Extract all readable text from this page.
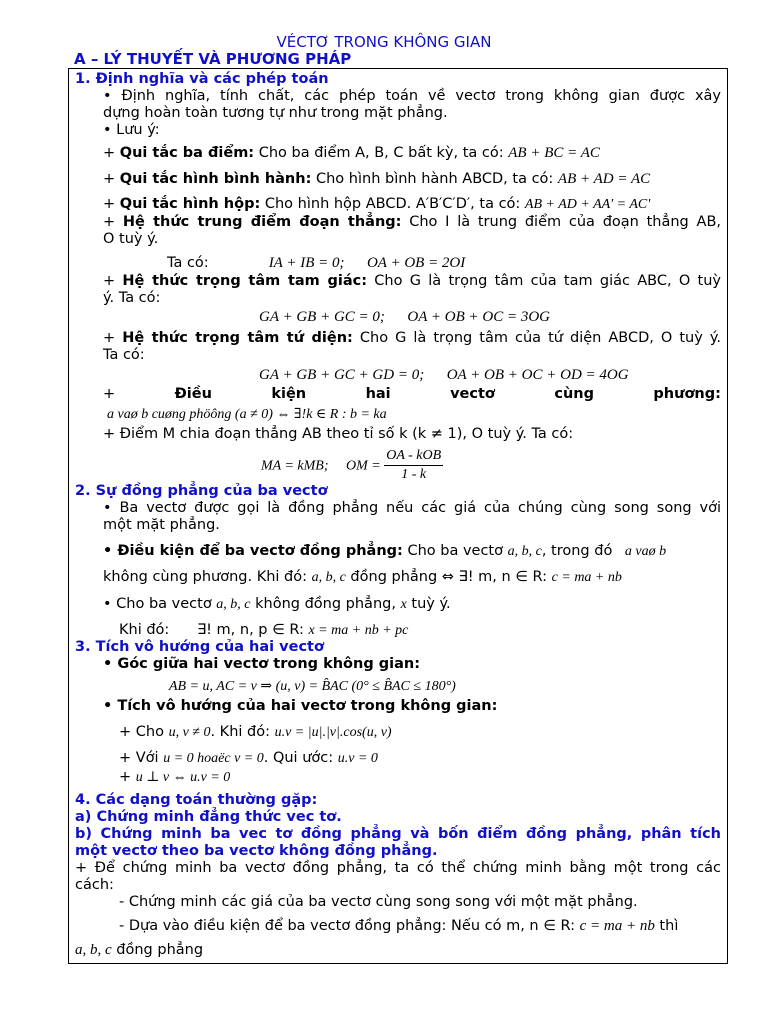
VÉCTƠ TRONG KHÔNG GIAN
A – LÝ THUYẾT VÀ PHƯƠNG PHÁP
1. Định nghĩa và các phép toán
• Định nghĩa, tính chất, các phép toán về vectơ trong không gian được xây
dựng hoàn toàn tương tự như trong mặt phẳng.
• Lưu ý:
+ Qui tắc ba điểm: Cho ba điểm A, B, C bất kỳ, ta có: AB + BC = AC
+ Qui tắc hình bình hành: Cho hình bình hành ABCD, ta có: AB + AD = AC
+ Qui tắc hình hộp: Cho hình hộp ABCD. A′B′C′D′, ta có: AB + AD + AA' = AC'
+ Hệ thức trung điểm đoạn thẳng: Cho I là trung điểm của đoạn thẳng AB,
O tuỳ ý.
Ta có:	IA + IB = 0;      OA + OB = 2OI
+ Hệ thức trọng tâm tam giác: Cho G là trọng tâm của tam giác ABC, O tuỳ
ý. Ta có:
GA + GB + GC = 0;      OA + OB + OC = 3OG
+ Hệ thức trọng tâm tứ diện: Cho G là trọng tâm của tứ diện ABCD, O tuỳ ý.
Ta có:
GA + GB + GC + GD = 0;      OA + OB + OC + OD = 4OG
+	Điều	kiện	hai	vectơ	cùng	phương:
a vaø b cuøng phöông (a ≠ 0) ⇔ ∃!k ∈ R : b = ka
+ Điểm M chia đoạn thẳng AB theo tỉ số k (k ≠ 1), O tuỳ ý. Ta có:
MA = kMB;     OM = $\frac{\text{OA - kOB}}{1 - k}$
2. Sự đồng phẳng của ba vectơ
• Ba vectơ được gọi là đồng phẳng nếu các giá của chúng cùng song song với
một mặt phẳng.
• Điều kiện để ba vectơ đồng phẳng: Cho ba vectơ a, b, c, trong đó a vaø b
không cùng phương. Khi đó: a, b, c đồng phẳng ⇔ ∃! m, n ∈ R: c = ma + nb
• Cho ba vectơ a, b, c không đồng phẳng, x tuỳ ý.
Khi đó:      ∃! m, n, p ∈ R: x = ma + nb + pc
3. Tích vô hướng của hai vectơ
• Góc giữa hai vectơ trong không gian:
AB = u, AC = v ⇒ (u, v) = B̂AC (0° ≤ B̂AC ≤ 180°)
• Tích vô hướng của hai vectơ trong không gian:
+ Cho u, v ≠ 0. Khi đó: u.v = |u|.|v|.cos(u, v)
+ Với u = 0 hoaëc v = 0. Qui ước: u.v = 0
+ u ⊥ v ⇔ u.v = 0
4. Các dạng toán thường gặp:
a) Chứng minh đẳng thức vec tơ.
b) Chứng minh ba vec tơ đồng phẳng và bốn điểm đồng phẳng, phân tích
một vectơ theo ba vectơ không đồng phẳng.
+ Để chứng minh ba vectơ đồng phẳng, ta có thể chứng minh bằng một trong các
cách:
- Chứng minh các giá của ba vectơ cùng song song với một mặt phẳng.
- Dựa vào điều kiện để ba vectơ đồng phẳng: Nếu có m, n ∈ R: c = ma + nb thì
a, b, c đồng phẳng
